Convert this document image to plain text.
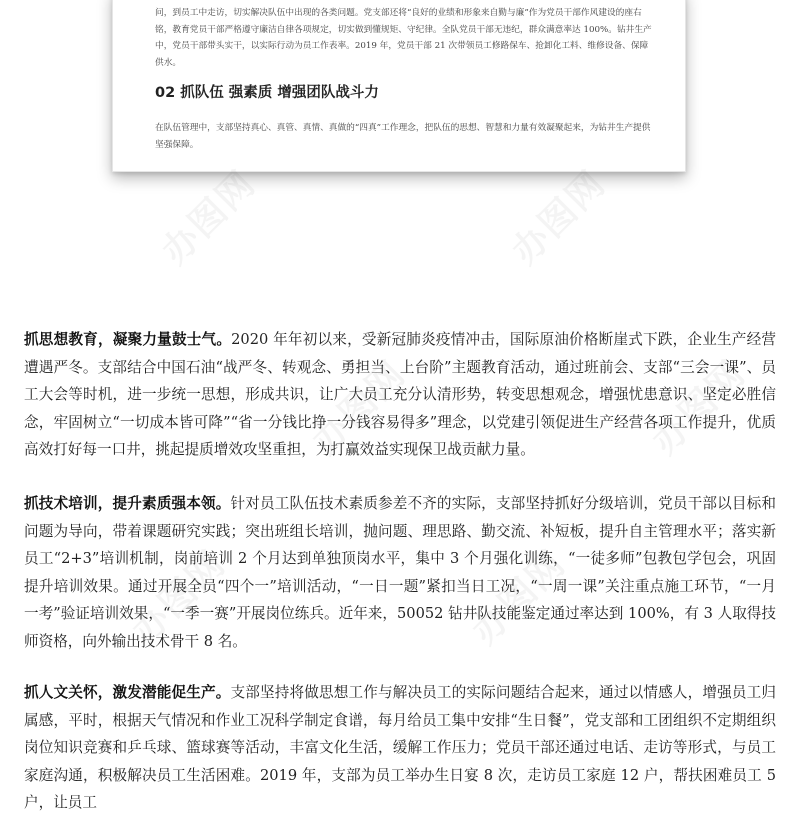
问，到员工中走访，切实解决队伍中出现的各类问题。党支部还将“良好的业绩和形象来自勤与廉”作为党员干部作风建设的座右铭，教育党员干部严格遵守廉洁自律各项规定，切实做到懂规矩、守纪律。全队党员干部无违纪，群众满意率达 100%。钻井生产中，党员干部带头实干，以实际行动为员工作表率。2019 年，党员干部 21 次带领员工修路保车、抢卸化工料、维修设备、保障供水。

02 抓队伍 强素质 增强团队战斗力

在队伍管理中，支部坚持真心、真管、真情、真做的“四真”工作理念，把队伍的思想、智慧和力量有效凝聚起来，为钻井生产提供坚强保障。

抓思想教育，凝聚力量鼓士气。2020 年年初以来，受新冠肺炎疫情冲击，国际原油价格断崖式下跌，企业生产经营遭遇严冬。支部结合中国石油“战严冬、转观念、勇担当、上台阶”主题教育活动，通过班前会、支部“三会一课”、员工大会等时机，进一步统一思想，形成共识，让广大员工充分认清形势，转变思想观念，增强忧患意识、坚定必胜信念，牢固树立“一切成本皆可降”“省一分钱比挣一分钱容易得多”理念，以党建引领促进生产经营各项工作提升，优质高效打好每一口井，挑起提质增效攻坚重担，为打赢效益实现保卫战贡献力量。

抓技术培训，提升素质强本领。针对员工队伍技术素质参差不齐的实际，支部坚持抓好分级培训，党员干部以目标和问题为导向，带着课题研究实践；突出班组长培训，抛问题、理思路、勤交流、补短板，提升自主管理水平；落实新员工“2+3”培训机制，岗前培训 2 个月达到单独顶岗水平，集中 3 个月强化训练，“一徒多师”包教包学包会，巩固提升培训效果。通过开展全员“四个一”培训活动，“一日一题”紧扣当日工况，“一周一课”关注重点施工环节，“一月一考”验证培训效果，“一季一赛”开展岗位练兵。近年来，50052 钻井队技能鉴定通过率达到 100%，有 3 人取得技师资格，向外输出技术骨干 8 名。

抓人文关怀，激发潜能促生产。支部坚持将做思想工作与解决员工的实际问题结合起来，通过以情感人，增强员工归属感，平时，根据天气情况和作业工况科学制定食谱，每月给员工集中安排“生日餐”，党支部和工团组织不定期组织岗位知识竞赛和乒乓球、篮球赛等活动，丰富文化生活，缓解工作压力；党员干部还通过电话、走访等形式，与员工家庭沟通，积极解决员工生活困难。2019 年，支部为员工举办生日宴 8 次，走访员工家庭 12 户，帮扶困难员工 5 户，让员工
